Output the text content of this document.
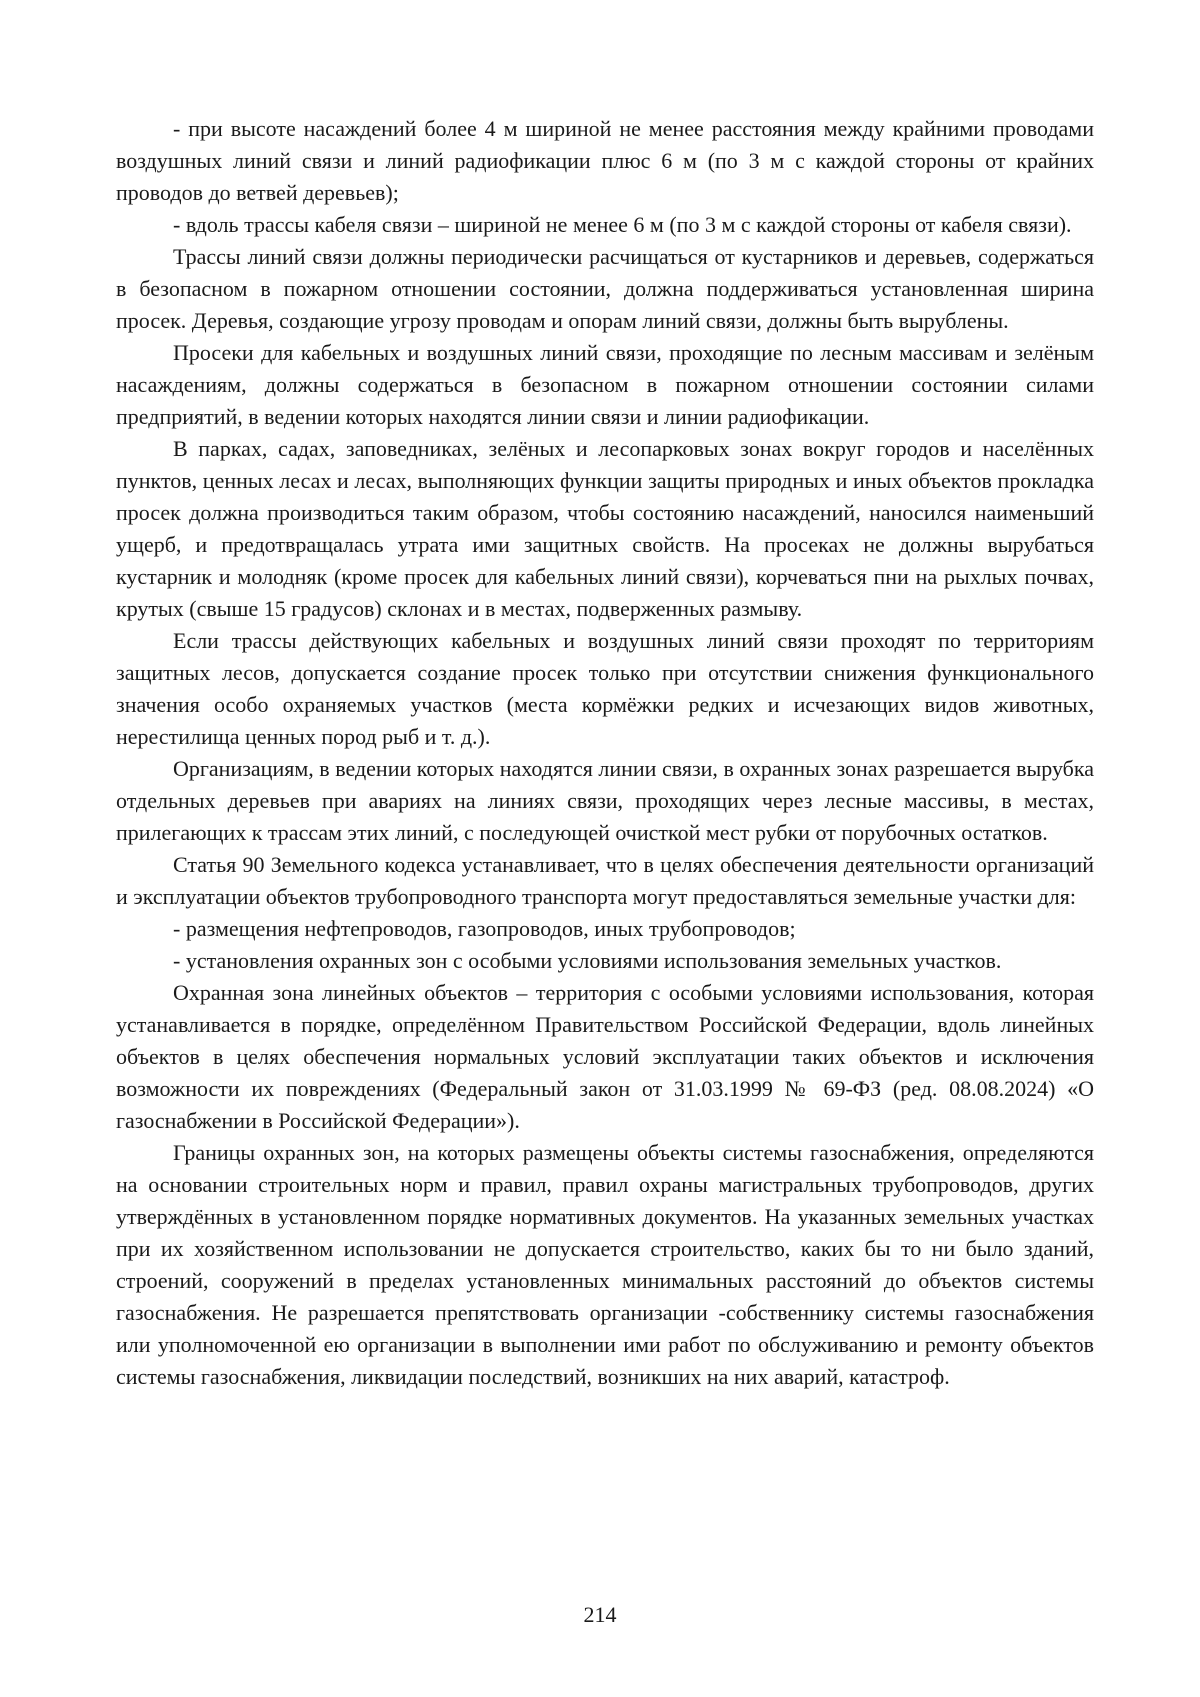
- при высоте насаждений более 4 м шириной не менее расстояния между крайними проводами воздушных линий связи и линий радиофикации плюс 6 м (по 3 м с каждой стороны от крайних проводов до ветвей деревьев);

- вдоль трассы кабеля связи – шириной не менее 6 м (по 3 м с каждой стороны от кабеля связи).

Трассы линий связи должны периодически расчищаться от кустарников и деревьев, содержаться в безопасном в пожарном отношении состоянии, должна поддерживаться установленная ширина просек. Деревья, создающие угрозу проводам и опорам линий связи, должны быть вырублены.

Просеки для кабельных и воздушных линий связи, проходящие по лесным массивам и зелёным насаждениям, должны содержаться в безопасном в пожарном отношении состоянии силами предприятий, в ведении которых находятся линии связи и линии радиофикации.

В парках, садах, заповедниках, зелёных и лесопарковых зонах вокруг городов и населённых пунктов, ценных лесах и лесах, выполняющих функции защиты природных и иных объектов прокладка просек должна производиться таким образом, чтобы состоянию насаждений, наносился наименьший ущерб, и предотвращалась утрата ими защитных свойств. На просеках не должны вырубаться кустарник и молодняк (кроме просек для кабельных линий связи), корчеваться пни на рыхлых почвах, крутых (свыше 15 градусов) склонах и в местах, подверженных размыву.

Если трассы действующих кабельных и воздушных линий связи проходят по территориям защитных лесов, допускается создание просек только при отсутствии снижения функционального значения особо охраняемых участков (места кормёжки редких и исчезающих видов животных, нерестилища ценных пород рыб и т. д.).

Организациям, в ведении которых находятся линии связи, в охранных зонах разрешается вырубка отдельных деревьев при авариях на линиях связи, проходящих через лесные массивы, в местах, прилегающих к трассам этих линий, с последующей очисткой мест рубки от порубочных остатков.

Статья 90 Земельного кодекса устанавливает, что в целях обеспечения деятельности организаций и эксплуатации объектов трубопроводного транспорта могут предоставляться земельные участки для:

- размещения нефтепроводов, газопроводов, иных трубопроводов;

- установления охранных зон с особыми условиями использования земельных участков.

Охранная зона линейных объектов – территория с особыми условиями использования, которая устанавливается в порядке, определённом Правительством Российской Федерации, вдоль линейных объектов в целях обеспечения нормальных условий эксплуатации таких объектов и исключения возможности их повреждениях (Федеральный закон от 31.03.1999 № 69-ФЗ (ред. 08.08.2024) «О газоснабжении в Российской Федерации»).

Границы охранных зон, на которых размещены объекты системы газоснабжения, определяются на основании строительных норм и правил, правил охраны магистральных трубопроводов, других утверждённых в установленном порядке нормативных документов. На указанных земельных участках при их хозяйственном использовании не допускается строительство, каких бы то ни было зданий, строений, сооружений в пределах установленных минимальных расстояний до объектов системы газоснабжения. Не разрешается препятствовать организации -собственнику системы газоснабжения или уполномоченной ею организации в выполнении ими работ по обслуживанию и ремонту объектов системы газоснабжения, ликвидации последствий, возникших на них аварий, катастроф.

214
